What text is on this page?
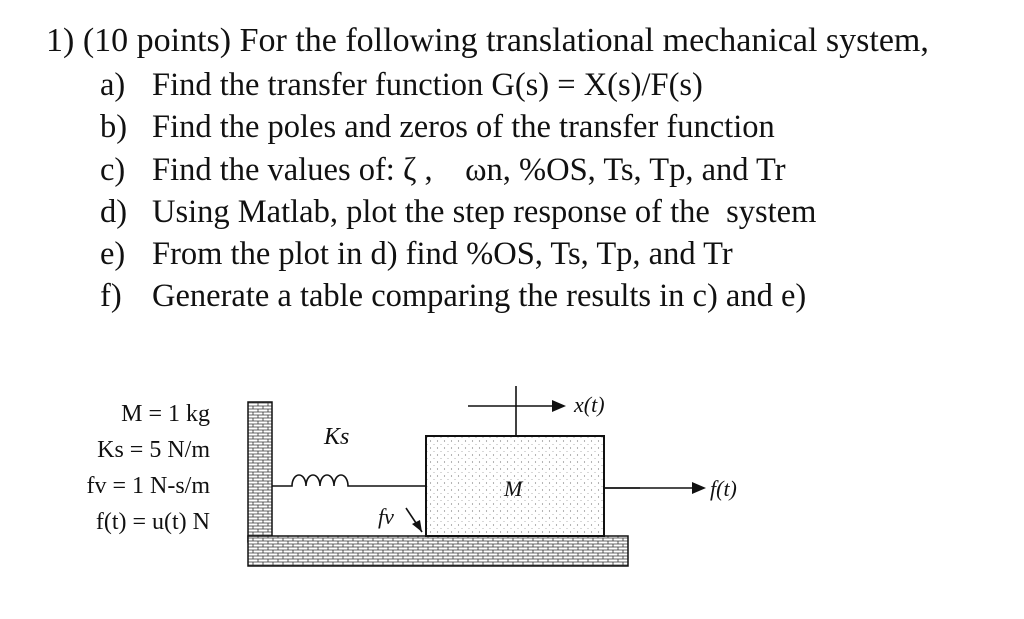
1) (10 points) For the following translational mechanical system,
a) Find the transfer function G(s) = X(s)/F(s)
b) Find the poles and zeros of the transfer function
c) Find the values of: ζ ,    ωn, %OS, Ts, Tp, and Tr
d) Using Matlab, plot the step response of the  system
e) From the plot in d) find %OS, Ts, Tp, and Tr
f) Generate a table comparing the results in c) and e)
M = 1 kg
Ks = 5 N/m
fv = 1 N-s/m
f(t) = u(t) N
M
Ks
fv
x(t)
f(t)
